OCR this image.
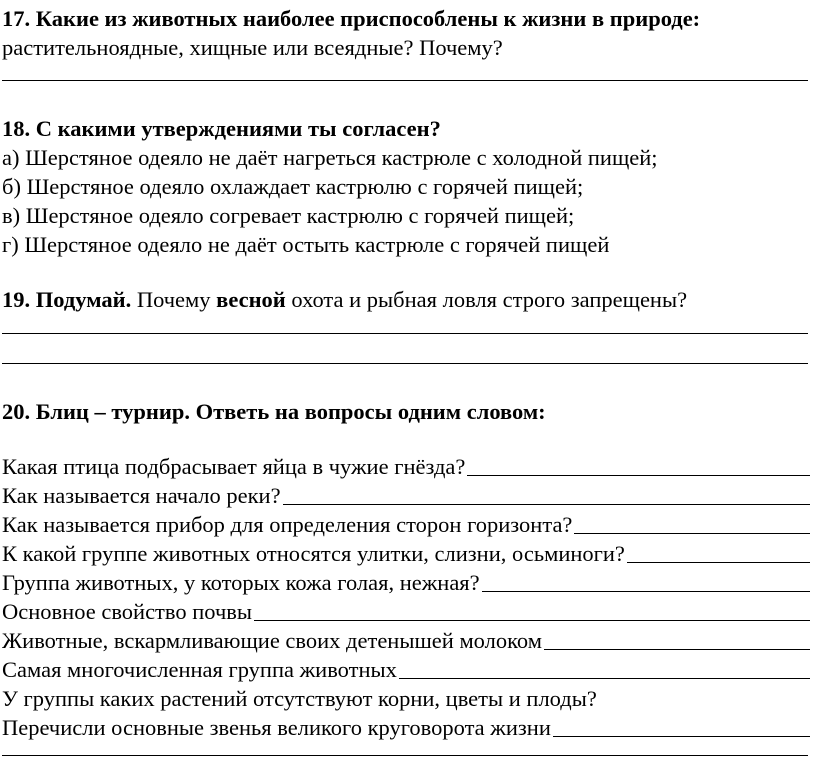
17. Какие из животных наиболее приспособлены к жизни в природе:
растительноядные, хищные или всеядные? Почему?
18. С какими утверждениями ты согласен?
а) Шерстяное одеяло не даёт нагреться кастрюле с холодной пищей;
б) Шерстяное одеяло охлаждает кастрюлю с горячей пищей;
в) Шерстяное одеяло согревает кастрюлю с горячей пищей;
г) Шерстяное одеяло не даёт остыть кастрюле с горячей пищей
19. Подумай. Почему весной охота и рыбная ловля строго запрещены?
20. Блиц – турнир. Ответь на вопросы одним словом:
Какая птица подбрасывает яйца в чужие гнёзда?
Как называется начало реки?
Как называется прибор для определения сторон горизонта?
К какой группе животных относятся улитки, слизни, осьминоги?
Группа животных, у которых кожа голая, нежная?
Основное свойство почвы
Животные, вскармливающие своих детенышей молоком
Самая многочисленная группа животных
У группы каких растений отсутствуют корни, цветы и плоды?
Перечисли основные звенья великого круговорота жизни
